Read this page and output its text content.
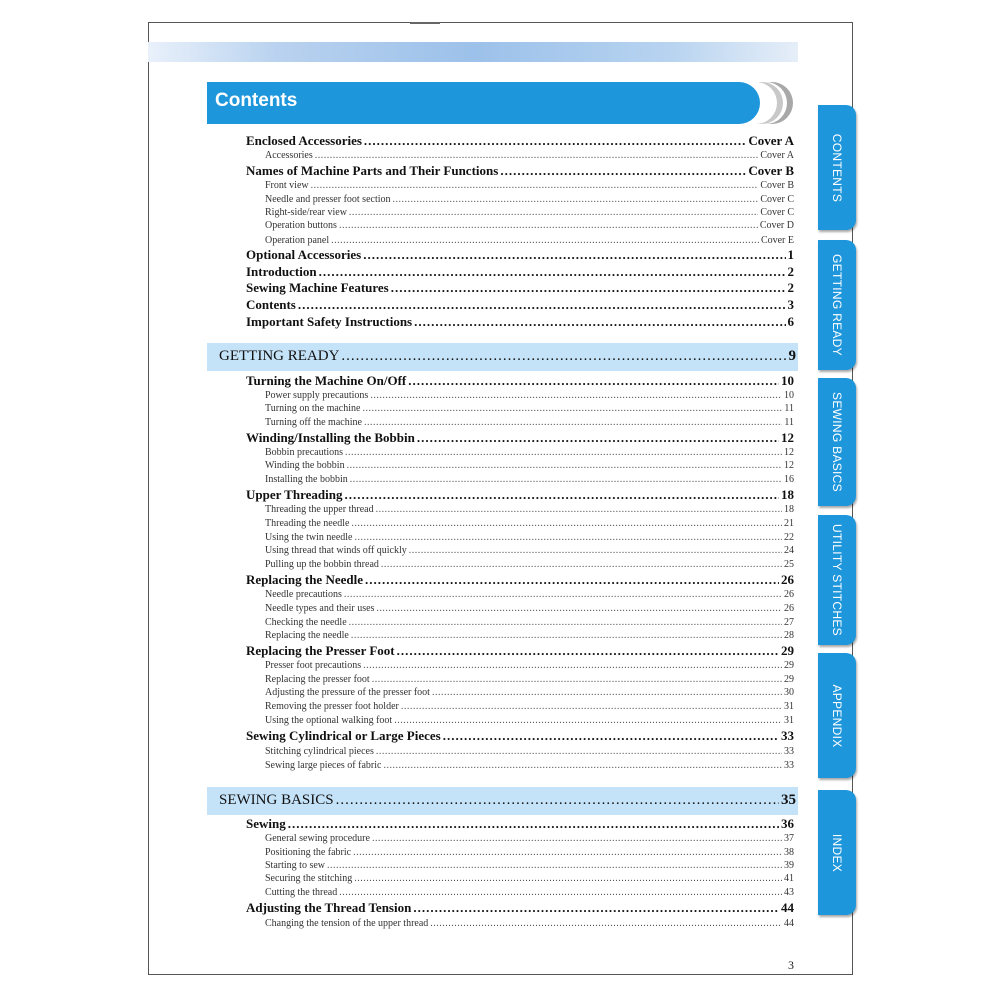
Contents
Enclosed Accessories .....	Cover A
Accessories .....	Cover A
Names of Machine Parts and Their Functions .....	Cover B
Front view .....	Cover B
Needle and presser foot section .....	Cover C
Right-side/rear view .....	Cover C
Operation buttons .....	Cover D
Operation panel .....	Cover E
Optional Accessories .....	1
Introduction .....	2
Sewing Machine Features .....	2
Contents .....	3
Important Safety Instructions .....	6
GETTING READY .....	9
Turning the Machine On/Off .....	10
Power supply precautions .....	10
Turning on the machine .....	11
Turning off the machine .....	11
Winding/Installing the Bobbin .....	12
Bobbin precautions .....	12
Winding the bobbin .....	12
Installing the bobbin .....	16
Upper Threading .....	18
Threading the upper thread .....	18
Threading the needle .....	21
Using the twin needle .....	22
Using thread that winds off quickly .....	24
Pulling up the bobbin thread .....	25
Replacing the Needle .....	26
Needle precautions .....	26
Needle types and their uses .....	26
Checking the needle .....	27
Replacing the needle .....	28
Replacing the Presser Foot .....	29
Presser foot precautions .....	29
Replacing the presser foot .....	29
Adjusting the pressure of the presser foot .....	30
Removing the presser foot holder .....	31
Using the optional walking foot .....	31
Sewing Cylindrical or Large Pieces .....	33
Stitching cylindrical pieces .....	33
Sewing large pieces of fabric .....	33
SEWING BASICS .....	35
Sewing .....	36
General sewing procedure .....	37
Positioning the fabric .....	38
Starting to sew .....	39
Securing the stitching .....	41
Cutting the thread .....	43
Adjusting the Thread Tension .....	44
Changing the tension of the upper thread .....	44
CONTENTS
GETTING READY
SEWING BASICS
UTILITY STITCHES
APPENDIX
INDEX
3
